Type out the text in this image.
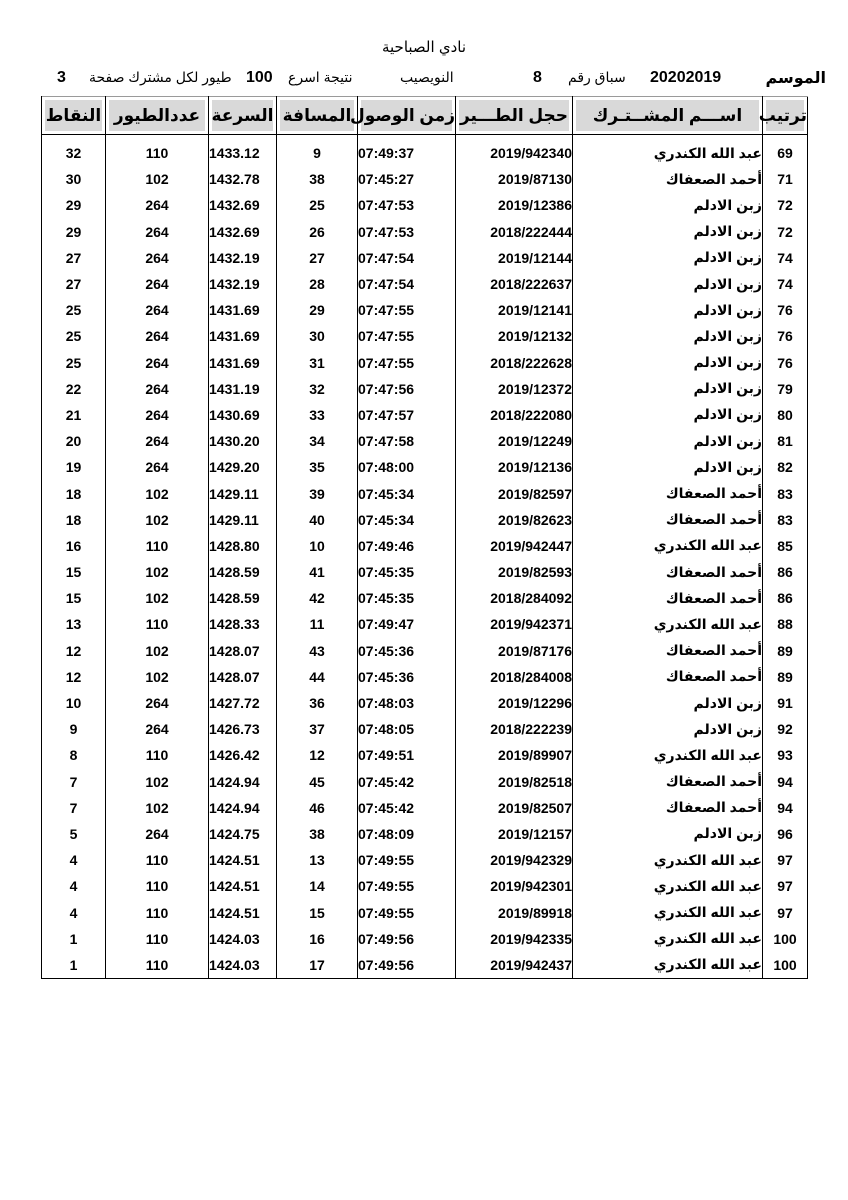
نادي الصباحية
الموسم
20202019
سباق رقم
8
النويصيب
نتيجة اسرع
100
طيور لكل مشترك صفحة
3
ترتيب	اســـم المشــتـرك	حجل الطـــير	زمن الوصول	المسافة	السرعة	عددالطيور	النقاط

69	عبد الله الكندري	2019/942340	07:49:37	9	1433.12	110	32
71	أحمد الصعفاك	2019/87130	07:45:27	38	1432.78	102	30
72	زبن الادلم	2019/12386	07:47:53	25	1432.69	264	29
72	زبن الادلم	2018/222444	07:47:53	26	1432.69	264	29
74	زبن الادلم	2019/12144	07:47:54	27	1432.19	264	27
74	زبن الادلم	2018/222637	07:47:54	28	1432.19	264	27
76	زبن الادلم	2019/12141	07:47:55	29	1431.69	264	25
76	زبن الادلم	2019/12132	07:47:55	30	1431.69	264	25
76	زبن الادلم	2018/222628	07:47:55	31	1431.69	264	25
79	زبن الادلم	2019/12372	07:47:56	32	1431.19	264	22
80	زبن الادلم	2018/222080	07:47:57	33	1430.69	264	21
81	زبن الادلم	2019/12249	07:47:58	34	1430.20	264	20
82	زبن الادلم	2019/12136	07:48:00	35	1429.20	264	19
83	أحمد الصعفاك	2019/82597	07:45:34	39	1429.11	102	18
83	أحمد الصعفاك	2019/82623	07:45:34	40	1429.11	102	18
85	عبد الله الكندري	2019/942447	07:49:46	10	1428.80	110	16
86	أحمد الصعفاك	2019/82593	07:45:35	41	1428.59	102	15
86	أحمد الصعفاك	2018/284092	07:45:35	42	1428.59	102	15
88	عبد الله الكندري	2019/942371	07:49:47	11	1428.33	110	13
89	أحمد الصعفاك	2019/87176	07:45:36	43	1428.07	102	12
89	أحمد الصعفاك	2018/284008	07:45:36	44	1428.07	102	12
91	زبن الادلم	2019/12296	07:48:03	36	1427.72	264	10
92	زبن الادلم	2018/222239	07:48:05	37	1426.73	264	9
93	عبد الله الكندري	2019/89907	07:49:51	12	1426.42	110	8
94	أحمد الصعفاك	2019/82518	07:45:42	45	1424.94	102	7
94	أحمد الصعفاك	2019/82507	07:45:42	46	1424.94	102	7
96	زبن الادلم	2019/12157	07:48:09	38	1424.75	264	5
97	عبد الله الكندري	2019/942329	07:49:55	13	1424.51	110	4
97	عبد الله الكندري	2019/942301	07:49:55	14	1424.51	110	4
97	عبد الله الكندري	2019/89918	07:49:55	15	1424.51	110	4
100	عبد الله الكندري	2019/942335	07:49:56	16	1424.03	110	1
100	عبد الله الكندري	2019/942437	07:49:56	17	1424.03	110	1
